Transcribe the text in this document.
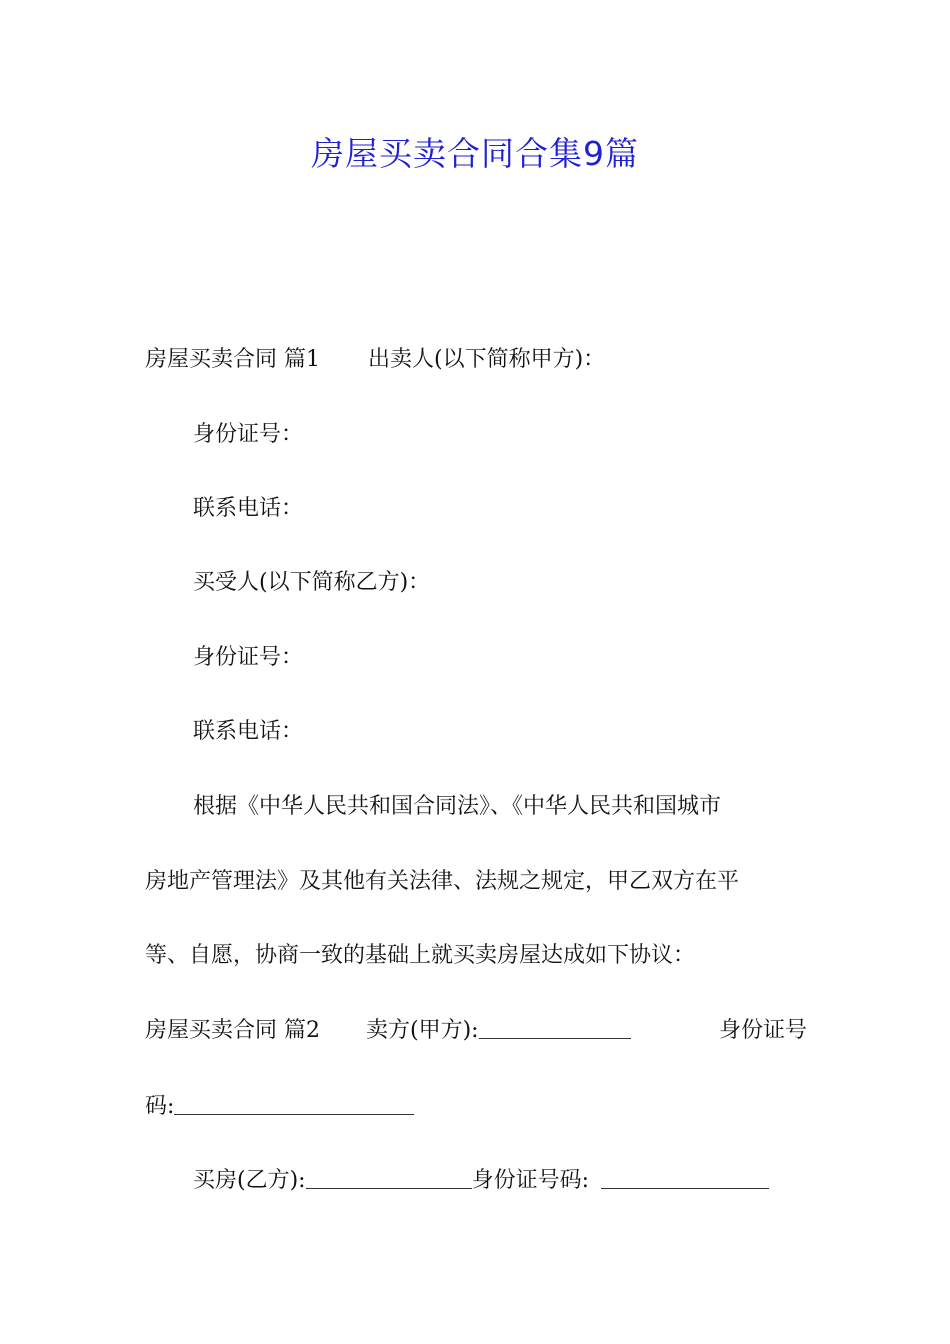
房屋买卖合同合集9篇
房屋买卖合同 篇1 出卖人(以下简称甲方)：
身份证号：
联系电话：
买受人(以下简称乙方)：
身份证号：
联系电话：
根据《中华人民共和国合同法》、《中华人民共和国城市
房地产管理法》及其他有关法律、法规之规定，甲乙双方在平
等、自愿，协商一致的基础上就买卖房屋达成如下协议：
房屋买卖合同 篇2 卖方(甲方):	身份证号
码:
买房(乙方):	身份证号码:
